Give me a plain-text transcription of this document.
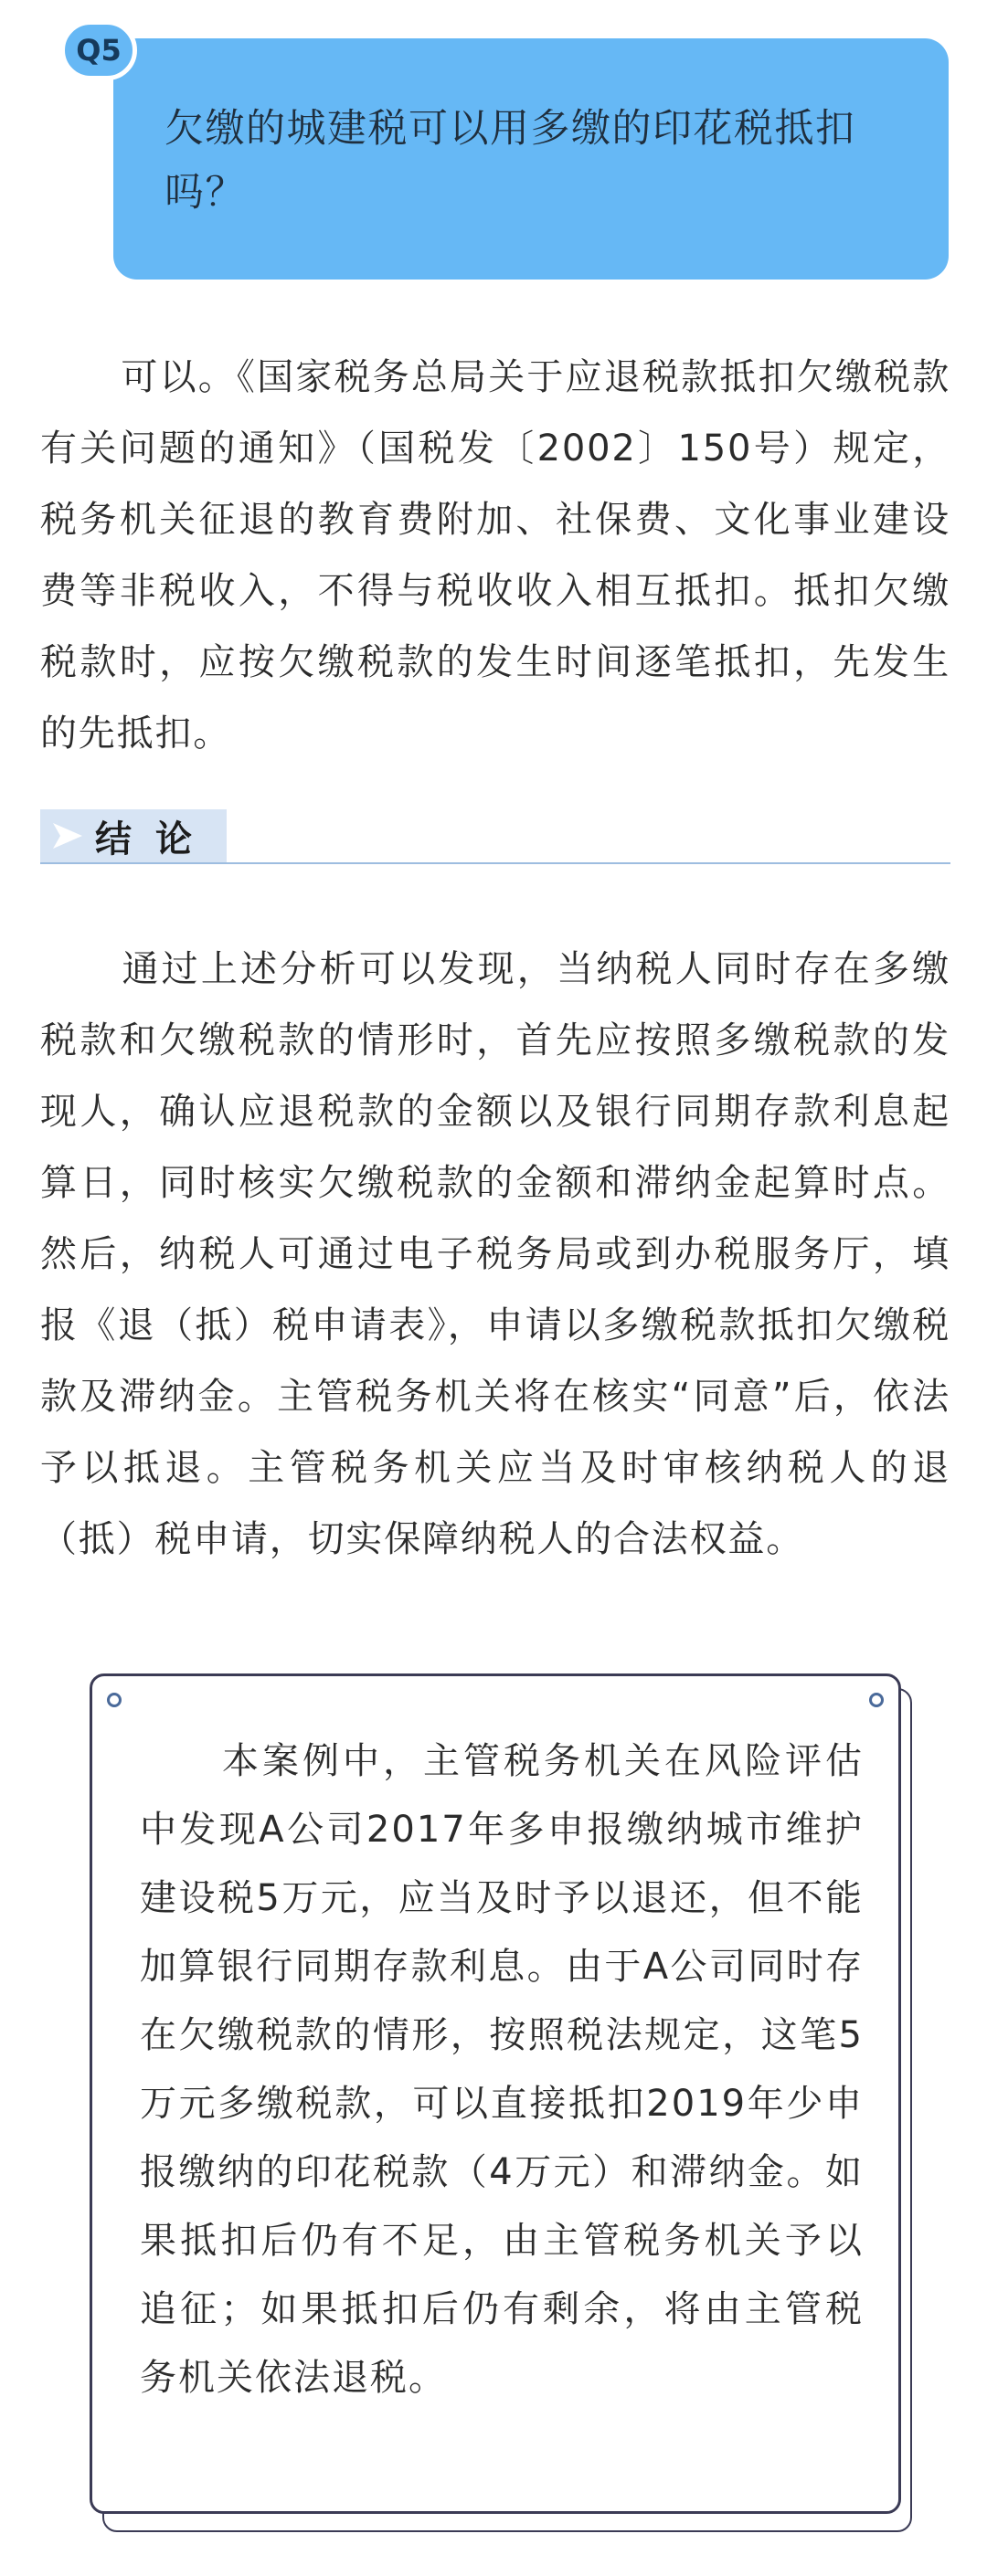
欠缴的城建税可以用多缴的印花税抵扣吗？
Q5

可以。《国家税务总局关于应退税款抵扣欠缴税款有关问题的通知》（国税发〔2002〕150号）规定，税务机关征退的教育费附加、社保费、文化事业建设费等非税收入，不得与税收收入相互抵扣。抵扣欠缴税款时，应按欠缴税款的发生时间逐笔抵扣，先发生的先抵扣。

结论

通过上述分析可以发现，当纳税人同时存在多缴税款和欠缴税款的情形时，首先应按照多缴税款的发现人，确认应退税款的金额以及银行同期存款利息起算日，同时核实欠缴税款的金额和滞纳金起算时点。然后，纳税人可通过电子税务局或到办税服务厅，填报《退（抵）税申请表》，申请以多缴税款抵扣欠缴税款及滞纳金。主管税务机关将在核实“同意”后，依法予以抵退。主管税务机关应当及时审核纳税人的退（抵）税申请，切实保障纳税人的合法权益。

本案例中，主管税务机关在风险评估中发现A公司2017年多申报缴纳城市维护建设税5万元，应当及时予以退还，但不能加算银行同期存款利息。由于A公司同时存在欠缴税款的情形，按照税法规定，这笔5万元多缴税款，可以直接抵扣2019年少申报缴纳的印花税款（4万元）和滞纳金。如果抵扣后仍有不足，由主管税务机关予以追征；如果抵扣后仍有剩余，将由主管税务机关依法退税。
